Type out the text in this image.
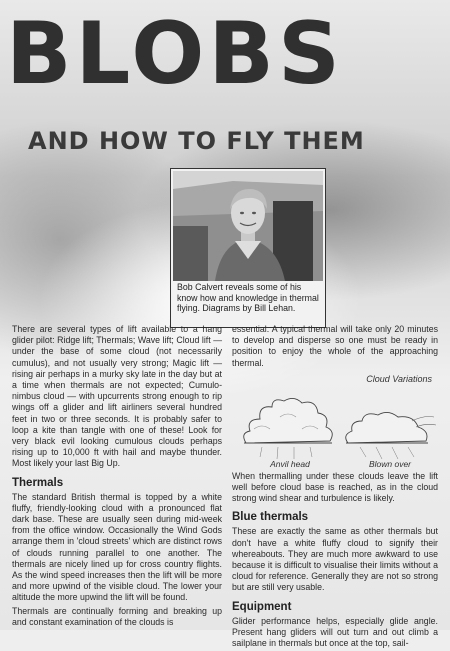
BLOBS
AND HOW TO FLY THEM
Bob Calvert reveals some of his know how and knowledge in thermal flying. Diagrams by Bill Lehan.

There are several types of lift available to a hang glider pilot: Ridge lift; Thermals; Wave lift; Cloud lift — under the base of some cloud (not necessarily cumulus), and not usually very strong; Magic lift — rising air perhaps in a murky sky late in the day but at a time when thermals are not expected; Cumulo-nimbus cloud — with upcurrents strong enough to rip wings off a glider and lift airliners several hundred feet in two or three seconds. It is probably safer to loop a kite than tangle with one of these! Look for very black evil looking cumulous clouds perhaps rising up to 10,000 ft with hail and maybe thunder. Most likely your last Big Up.

Thermals

The standard British thermal is topped by a white fluffy, friendly-looking cloud with a pronounced flat dark base. These are usually seen during mid-week from the office window. Occasionally the Wind Gods arrange them in 'cloud streets' which are distinct rows of clouds running parallel to one another. The thermals are nicely lined up for cross country flights. As the wind speed increases then the lift will be more and more upwind of the visible cloud. The lower your altitude the more upwind the lift will be found.

Thermals are continually forming and breaking up and constant examination of the clouds is

essential. A typical thermal will take only 20 minutes to develop and disperse so one must be ready in position to enjoy the whole of the approaching thermal.

Cloud Variations
Anvil head	Blown over

When thermalling under these clouds leave the lift well before cloud base is reached, as in the cloud strong wind shear and turbulence is likely.

Blue thermals

These are exactly the same as other thermals but don't have a white fluffy cloud to signify their whereabouts. They are much more awkward to use because it is difficult to visualise their limits without a cloud for reference. Generally they are not so strong but are still very usable.

Equipment

Glider performance helps, especially glide angle. Present hang gliders will out turn and out climb a sailplane in thermals but once at the top, sail-
